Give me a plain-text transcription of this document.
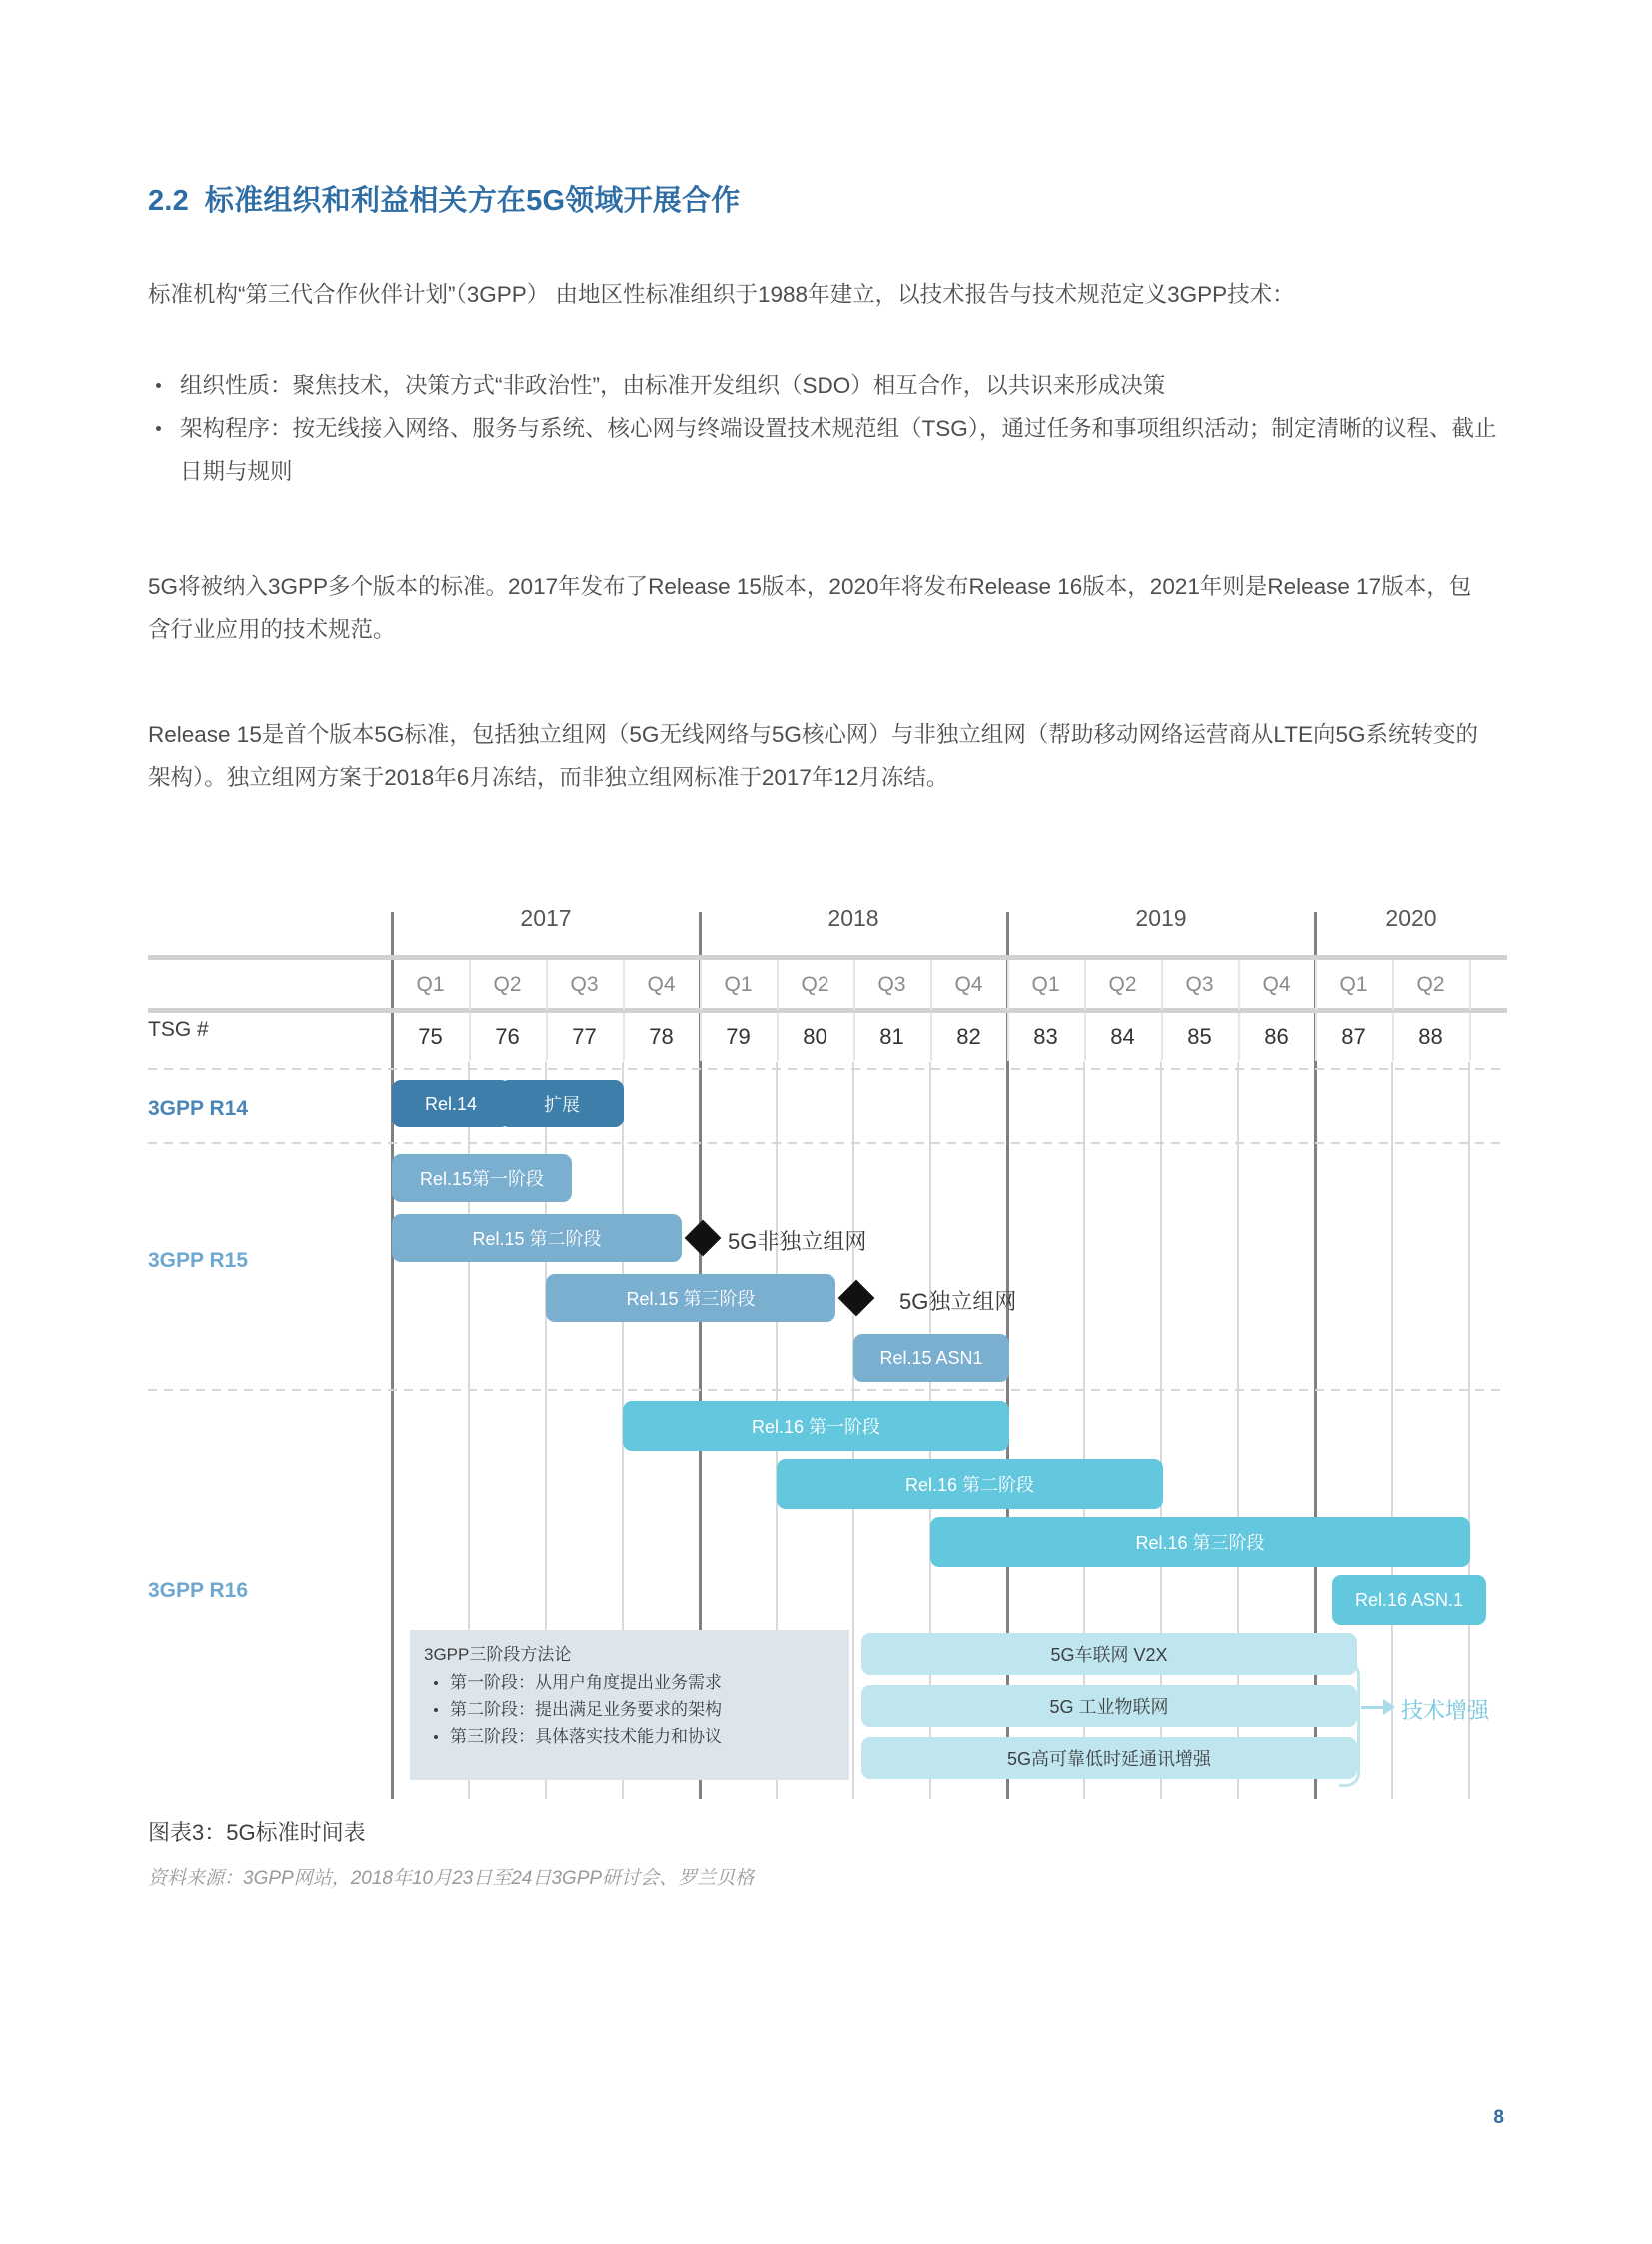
2.2 标准组织和利益相关方在5G领域开展合作
标准机构“第三代合作伙伴计划”（3GPP） 由地区性标准组织于1988年建立，以技术报告与技术规范定义3GPP技术：
组织性质：聚焦技术，决策方式“非政治性”，由标准开发组织（SDO）相互合作，以共识来形成决策
架构程序：按无线接入网络、服务与系统、核心网与终端设置技术规范组（TSG），通过任务和事项组织活动；制定清晰的议程、截止日期与规则
5G将被纳入3GPP多个版本的标准。2017年发布了Release 15版本，2020年将发布Release 16版本，2021年则是Release 17版本，包含行业应用的技术规范。
Release 15是首个版本5G标准，包括独立组网（5G无线网络与5G核心网）与非独立组网（帮助移动网络运营商从LTE向5G系统转变的架构）。独立组网方案于2018年6月冻结，而非独立组网标准于2017年12月冻结。
2017	2018	2019	2020
Q1	Q2	Q3	Q4	Q1	Q2	Q3	Q4	Q1	Q2	Q3	Q4	Q1	Q2
TSG #	75	76	77	78	79	80	81	82	83	84	85	86	87	88
3GPP R14
3GPP R15
3GPP R16
Rel.14	扩展
Rel.15第一阶段
Rel.15 第二阶段
Rel.15 第三阶段
Rel.15 ASN1
5G非独立组网
5G独立组网
Rel.16 第一阶段
Rel.16 第二阶段
Rel.16 第三阶段
Rel.16 ASN.1
5G车联网 V2X
5G 工业物联网
5G高可靠低时延通讯增强
技术增强
3GPP三阶段方法论
第一阶段：从用户角度提出业务需求
第二阶段：提出满足业务要求的架构
第三阶段：具体落实技术能力和协议
图表3：5G标准时间表
资料来源：3GPP网站，2018年10月23日至24日3GPP研讨会、罗兰贝格
8
